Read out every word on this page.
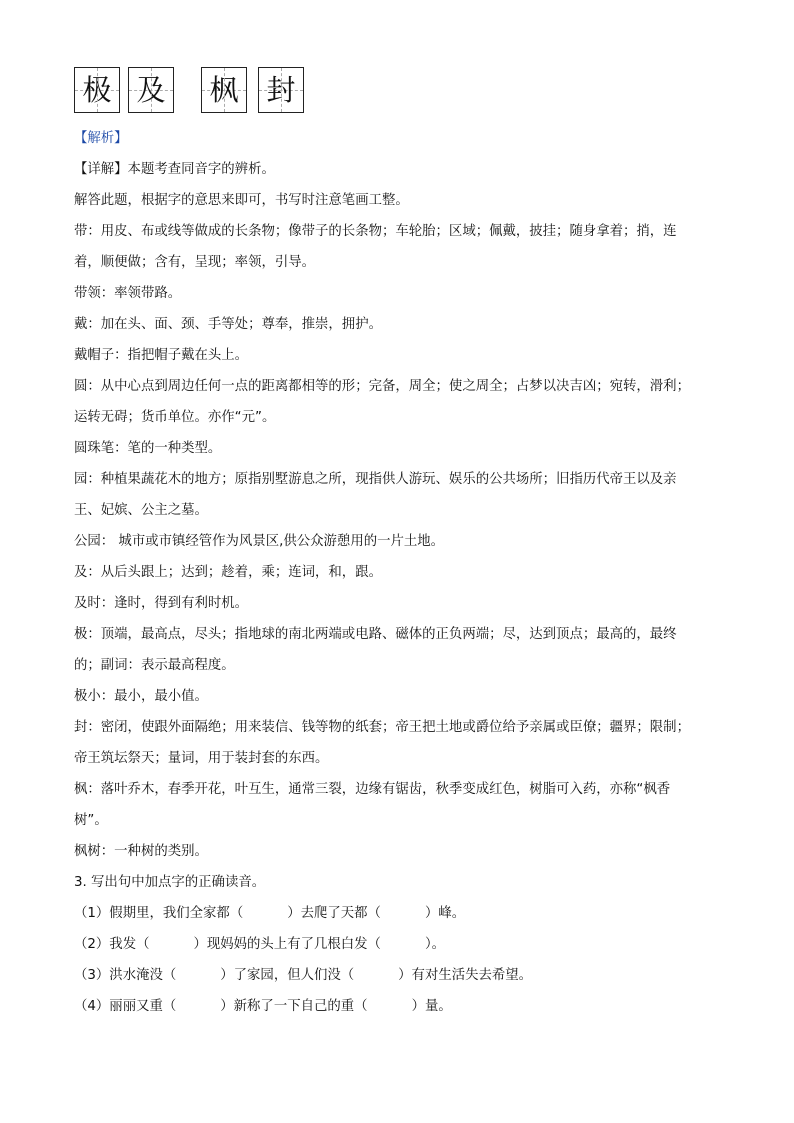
极 及 枫 封
【解析】
【详解】本题考查同音字的辨析。
解答此题，根据字的意思来即可，书写时注意笔画工整。
带：用皮、布或线等做成的长条物；像带子的长条物；车轮胎；区域；佩戴，披挂；随身拿着；捎，连
着，顺便做；含有，呈现；率领，引导。
带领：率领带路。
戴：加在头、面、颈、手等处；尊奉，推崇，拥护。
戴帽子：指把帽子戴在头上。
圆：从中心点到周边任何一点的距离都相等的形；完备，周全；使之周全；占梦以决吉凶；宛转，滑利；
运转无碍；货币单位。亦作“元”。
圆珠笔：笔的一种类型。
园：种植果蔬花木的地方；原指别墅游息之所，现指供人游玩、娱乐的公共场所；旧指历代帝王以及亲
王、妃嫔、公主之墓。
公园： 城市或市镇经管作为风景区,供公众游憩用的一片土地。
及：从后头跟上；达到；趁着，乘；连词，和，跟。
及时：逢时，得到有利时机。
极：顶端，最高点，尽头；指地球的南北两端或电路、磁体的正负两端；尽，达到顶点；最高的，最终
的；副词：表示最高程度。
极小：最小，最小值。
封：密闭，使跟外面隔绝；用来装信、钱等物的纸套；帝王把土地或爵位给予亲属或臣僚；疆界；限制；
帝王筑坛祭天；量词，用于装封套的东西。
枫：落叶乔木，春季开花，叶互生，通常三裂，边缘有锯齿，秋季变成红色，树脂可入药，亦称“枫香
树”。
枫树：一种树的类别。
3. 写出句中加点字的正确读音。
（1）假期里，我们全家都（	）去爬了天都（	）峰。
（2）我发（	）现妈妈的头上有了几根白发（	）。
（3）洪水淹没（	）了家园，但人们没（	）有对生活失去希望。
（4）丽丽又重（	）新称了一下自己的重（	）量。
